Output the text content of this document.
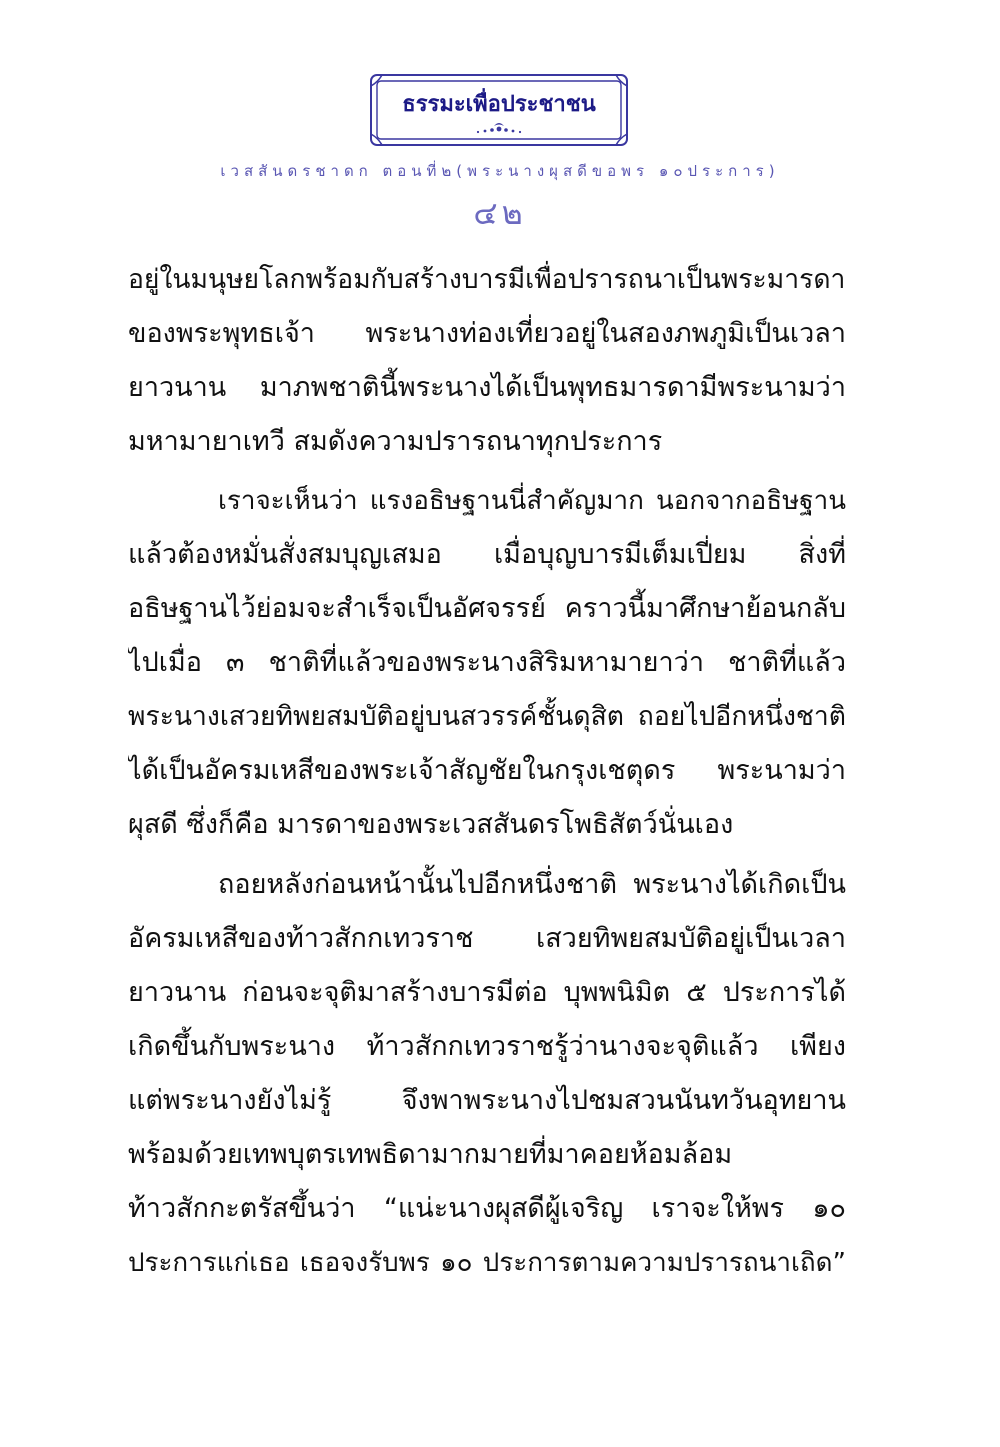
ธรรมะเพื่อประชาชน
เวสสันดรชาดก ตอนที่๒(พระนางผุสดีขอพร ๑๐ประการ)
๔๒
อยู่ในมนุษยโลกพร้อมกับสร้างบารมีเพื่อปรารถนาเป็นพระมารดา
ของพระพุทธเจ้า พระนางท่องเที่ยวอยู่ในสองภพภูมิเป็นเวลา
ยาวนาน มาภพชาตินี้พระนางได้เป็นพุทธมารดามีพระนามว่า
มหามายาเทวี สมดังความปรารถนาทุกประการ
เราจะเห็นว่า แรงอธิษฐานนี่สำคัญมาก นอกจากอธิษฐาน
แล้วต้องหมั่นสั่งสมบุญเสมอ เมื่อบุญบารมีเต็มเปี่ยม สิ่งที่
อธิษฐานไว้ย่อมจะสำเร็จเป็นอัศจรรย์ คราวนี้มาศึกษาย้อนกลับ
ไปเมื่อ ๓ ชาติที่แล้วของพระนางสิริมหามายาว่า ชาติที่แล้ว
พระนางเสวยทิพยสมบัติอยู่บนสวรรค์ชั้นดุสิต ถอยไปอีกหนึ่งชาติ
ได้เป็นอัครมเหสีของพระเจ้าสัญชัยในกรุงเชตุดร พระนามว่า
ผุสดี ซึ่งก็คือ มารดาของพระเวสสันดรโพธิสัตว์นั่นเอง
ถอยหลังก่อนหน้านั้นไปอีกหนึ่งชาติ พระนางได้เกิดเป็น
อัครมเหสีของท้าวสักกเทวราช เสวยทิพยสมบัติอยู่เป็นเวลา
ยาวนาน ก่อนจะจุติมาสร้างบารมีต่อ บุพพนิมิต ๕ ประการได้
เกิดขึ้นกับพระนาง ท้าวสักกเทวราชรู้ว่านางจะจุติแล้ว เพียง
แต่พระนางยังไม่รู้ จึงพาพระนางไปชมสวนนันทวันอุทยาน
พร้อมด้วยเทพบุตรเทพธิดามากมายที่มาคอยห้อมล้อม
ท้าวสักกะตรัสขึ้นว่า “แน่ะนางผุสดีผู้เจริญ เราจะให้พร ๑๐
ประการแก่เธอ เธอจงรับพร ๑๐ ประการตามความปรารถนาเถิด”
